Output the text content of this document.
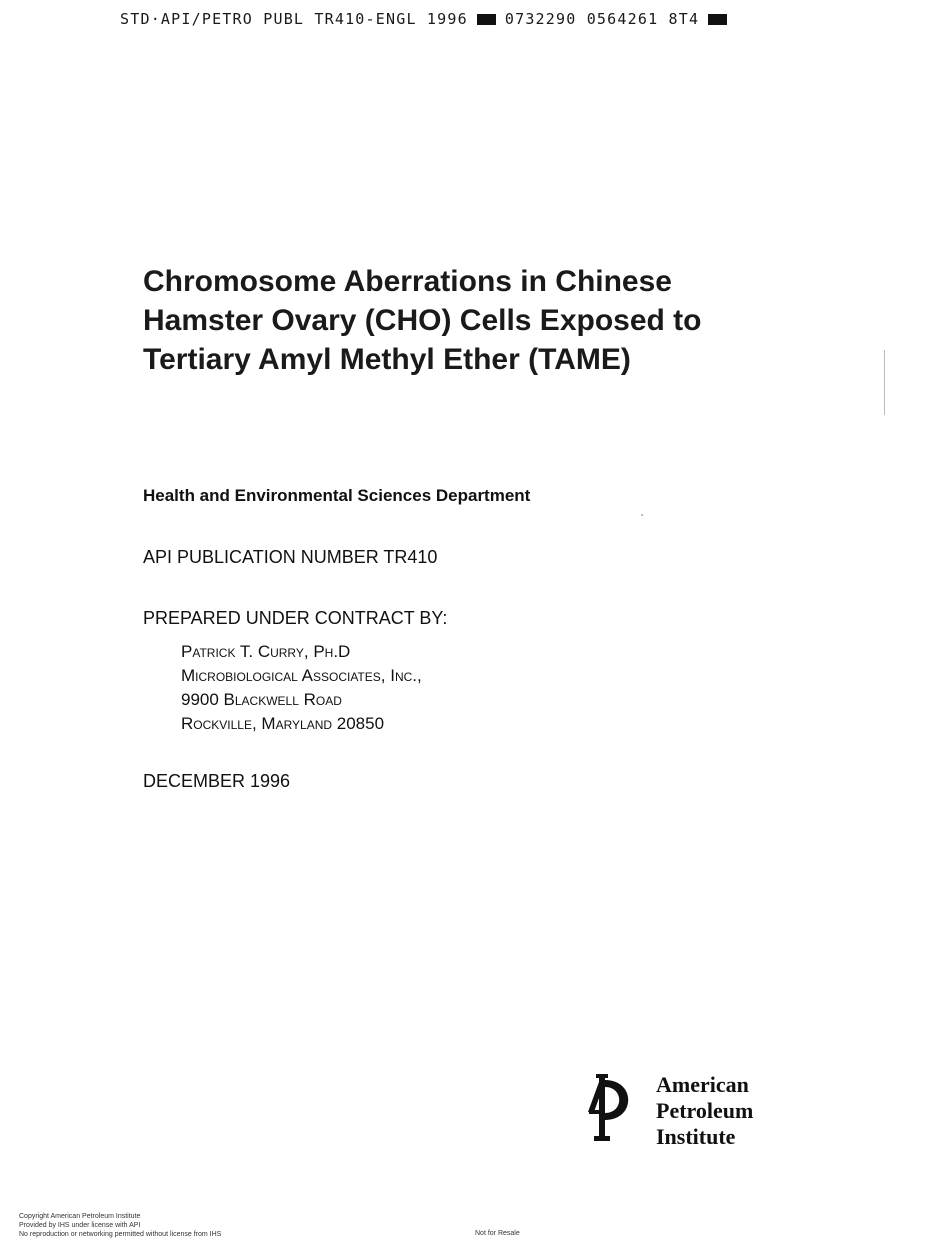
STD·API/PETRO PUBL TR410-ENGL 1996 0732290 0564261 8T4
Chromosome Aberrations in Chinese
Hamster Ovary (CHO) Cells Exposed to
Tertiary Amyl Methyl Ether (TAME)
Health and Environmental Sciences Department
API PUBLICATION NUMBER TR410
PREPARED UNDER CONTRACT BY:
Patrick T. Curry, Ph.D
Microbiological Associates, Inc.,
9900 Blackwell Road
Rockville, Maryland 20850
DECEMBER 1996
American
Petroleum
Institute
Copyright American Petroleum Institute
Provided by IHS under license with API
No reproduction or networking permitted without license from IHS	Not for Resale
